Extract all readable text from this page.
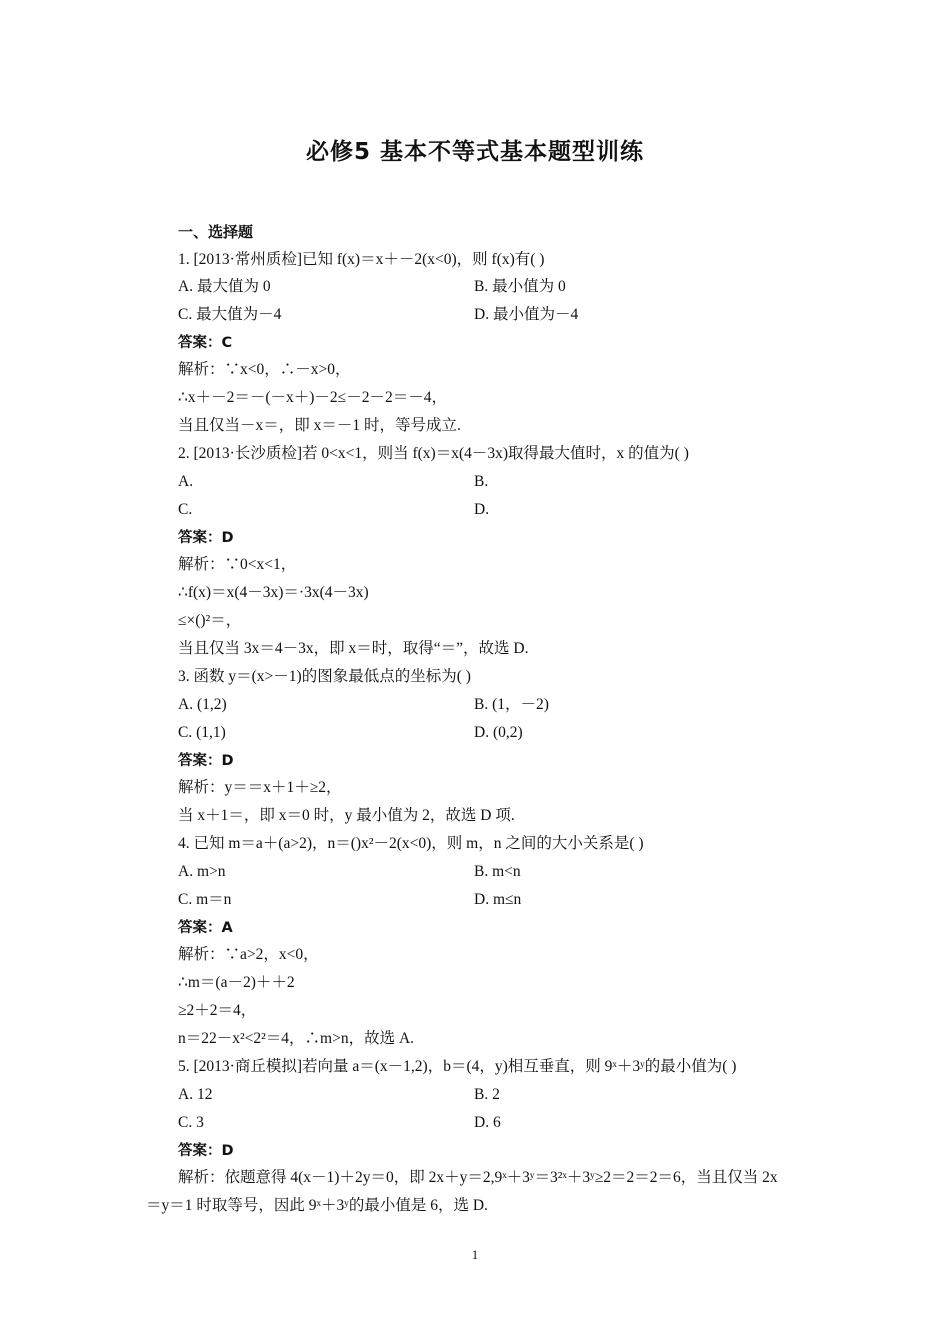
必修5 基本不等式基本题型训练
一、选择题
1. [2013·常州质检]已知 f(x)＝x＋－2(x<0)，则 f(x)有( )
A. 最大值为 0	B. 最小值为 0
C. 最大值为－4	D. 最小值为－4
答案：C
解析：∵x<0，∴－x>0，
∴x＋－2＝－(－x＋)－2≤－2－2＝－4，
当且仅当－x＝，即 x＝－1 时，等号成立.
2. [2013·长沙质检]若 0<x<1，则当 f(x)＝x(4－3x)取得最大值时，x 的值为( )
A.	B.
C.	D.
答案：D
解析：∵0<x<1，
∴f(x)＝x(4－3x)＝·3x(4－3x)
≤×()²＝，
当且仅当 3x＝4－3x，即 x＝时，取得“＝”，故选 D.
3. 函数 y＝(x>－1)的图象最低点的坐标为( )
A. (1,2)	B. (1，－2)
C. (1,1)	D. (0,2)
答案：D
解析：y＝＝x＋1＋≥2，
当 x＋1＝，即 x＝0 时，y 最小值为 2，故选 D 项.
4. 已知 m＝a＋(a>2)，n＝()x²－2(x<0)，则 m，n 之间的大小关系是( )
A. m>n	B. m<n
C. m＝n	D. m≤n
答案：A
解析：∵a>2，x<0，
∴m＝(a－2)＋＋2
≥2＋2＝4，
n＝22－x²<2²＝4，∴m>n，故选 A.
5. [2013·商丘模拟]若向量 a＝(x－1,2)，b＝(4，y)相互垂直，则 9ˣ＋3ʸ的最小值为( )
A. 12	B. 2
C. 3	D. 6
答案：D
解析：依题意得 4(x－1)＋2y＝0，即 2x＋y＝2,9ˣ＋3ʸ＝3²ˣ＋3ʸ≥2＝2＝2＝6，当且仅当 2x
＝y＝1 时取等号，因此 9ˣ＋3ʸ的最小值是 6，选 D.
1
